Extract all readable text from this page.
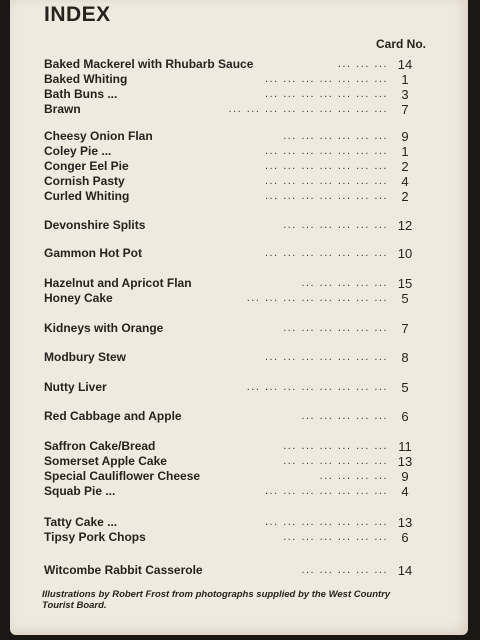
INDEX
Card No.
Baked Mackerel with Rhubarb Sauce	... ... ... 14
Baked Whiting	... ... ... ... ... ... ...	1
Bath Buns ...	... ... ... ... ... ... ...	3
Brawn	... ... ... ... ... ... ... ... ...	7
Cheesy Onion Flan	... ... ... ... ... ...	9
Coley Pie ...	... ... ... ... ... ... ...	1
Conger Eel Pie	... ... ... ... ... ... ...	2
Cornish Pasty	... ... ... ... ... ... ...	4
Curled Whiting	... ... ... ... ... ... ...	2
Devonshire Splits	... ... ... ... ... ... 12
Gammon Hot Pot	... ... ... ... ... ... ... 10
Hazelnut and Apricot Flan	... ... ... ... ... 15
Honey Cake	... ... ... ... ... ... ... ...	5
Kidneys with Orange	... ... ... ... ... ...	7
Modbury Stew	... ... ... ... ... ... ...	8
Nutty Liver	... ... ... ... ... ... ... ...	5
Red Cabbage and Apple	... ... ... ... ...	6
Saffron Cake/Bread	... ... ... ... ... ... 11
Somerset Apple Cake	... ... ... ... ... ... 13
Special Cauliflower Cheese	... ... ... ...	9
Squab Pie ...	... ... ... ... ... ... ...	4
Tatty Cake ...	... ... ... ... ... ... ... 13
Tipsy Pork Chops	... ... ... ... ... ...	6
Witcombe Rabbit Casserole	... ... ... ... ... 14
Illustrations by Robert Frost from photographs supplied by the West Country Tourist Board.
